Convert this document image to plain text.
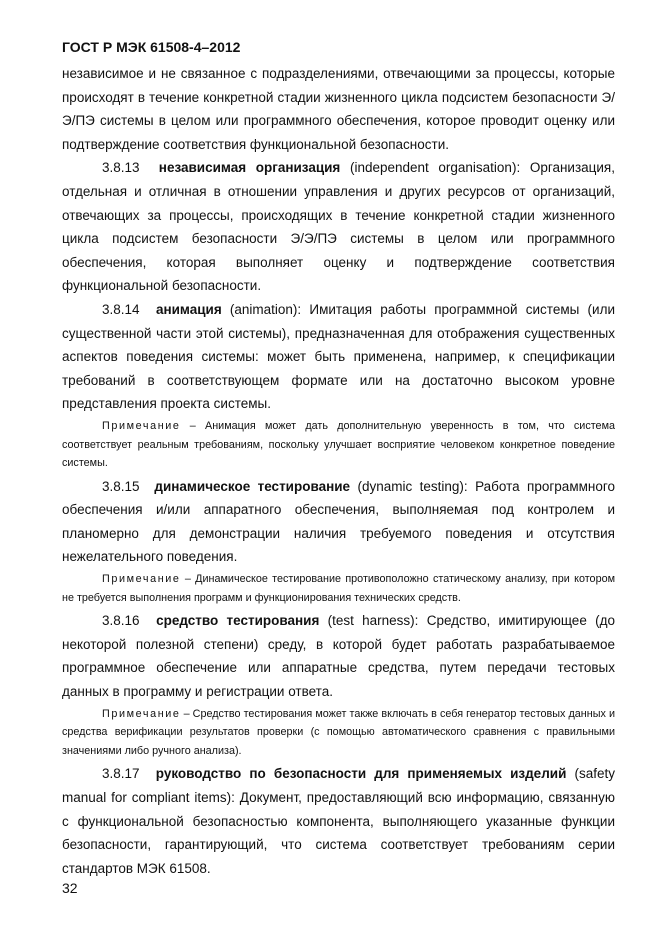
ГОСТ Р МЭК 61508-4–2012

независимое и не связанное с подразделениями, отвечающими за процессы, которые происходят в течение конкретной стадии жизненного цикла подсистем безопасности Э/Э/ПЭ системы в целом или программного обеспечения, которое проводит оценку или подтверждение соответствия функциональной безопасности.

3.8.13 независимая организация (independent organisation): Организация, отдельная и отличная в отношении управления и других ресурсов от организаций, отвечающих за процессы, происходящих в течение конкретной стадии жизненного цикла подсистем безопасности Э/Э/ПЭ системы в целом или программного обеспечения, которая выполняет оценку и подтверждение соответствия функциональной безопасности.

3.8.14 анимация (animation): Имитация работы программной системы (или существенной части этой системы), предназначенная для отображения существенных аспектов поведения системы: может быть применена, например, к спецификации требований в соответствующем формате или на достаточно высоком уровне представления проекта системы.

Примечание – Анимация может дать дополнительную уверенность в том, что система соответствует реальным требованиям, поскольку улучшает восприятие человеком конкретное поведение системы.

3.8.15 динамическое тестирование (dynamic testing): Работа программного обеспечения и/или аппаратного обеспечения, выполняемая под контролем и планомерно для демонстрации наличия требуемого поведения и отсутствия нежелательного поведения.

Примечание – Динамическое тестирование противоположно статическому анализу, при котором не требуется выполнения программ и функционирования технических средств.

3.8.16 средство тестирования (test harness): Средство, имитирующее (до некоторой полезной степени) среду, в которой будет работать разрабатываемое программное обеспечение или аппаратные средства, путем передачи тестовых данных в программу и регистрации ответа.

Примечание – Средство тестирования может также включать в себя генератор тестовых данных и средства верификации результатов проверки (с помощью автоматического сравнения с правильными значениями либо ручного анализа).

3.8.17 руководство по безопасности для применяемых изделий (safety manual for compliant items): Документ, предоставляющий всю информацию, связанную с функциональной безопасностью компонента, выполняющего указанные функции безопасности, гарантирующий, что система соответствует требованиям серии стандартов МЭК 61508.

32
